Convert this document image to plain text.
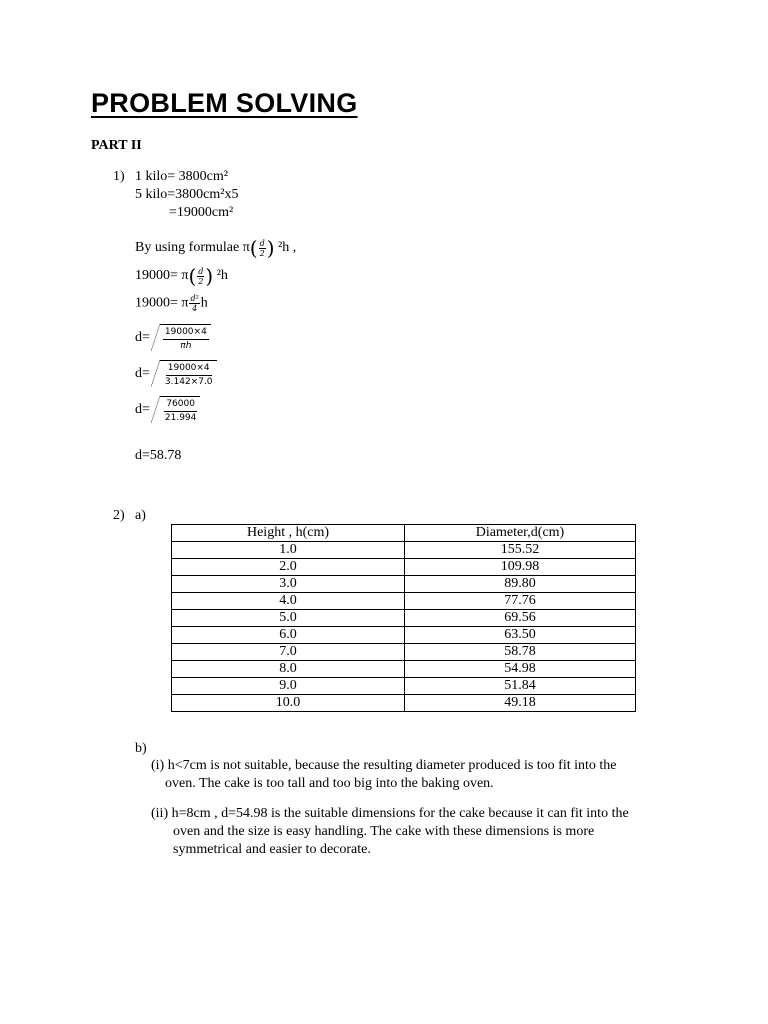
PROBLEM SOLVING
PART II
1) 1 kilo= 3800cm²
5 kilo=3800cm²x5
=19000cm²
By using formulae $\pi( \frac{d}{2}$ ) ²h ,
$19000= \pi( \frac{d}{2}$ ) ²h
19000= π $\frac{\text{d²}}{4}$ h
$d= \frac{19000\times 4}{\pi h}$
$d= \frac{19000\times 4}{3.142\times 7.0}$
$d= \frac{76000}{21.994}$
d=58.78
2) a)
Height , h(cm)	Diameter,d(cm)
1.0	155.52
2.0	109.98
3.0	89.80
4.0	77.76
5.0	69.56
6.0	63.50
7.0	58.78
8.0	54.98
9.0	51.84
10.0	49.18
b)
(i) h<7cm is not suitable, because the resulting diameter produced is too fit into the
oven. The cake is too tall and too big into the baking oven.
(ii) h=8cm , d=54.98 is the suitable dimensions for the cake because it can fit into the
oven and the size is easy handling. The cake with these dimensions is more
symmetrical and easier to decorate.
